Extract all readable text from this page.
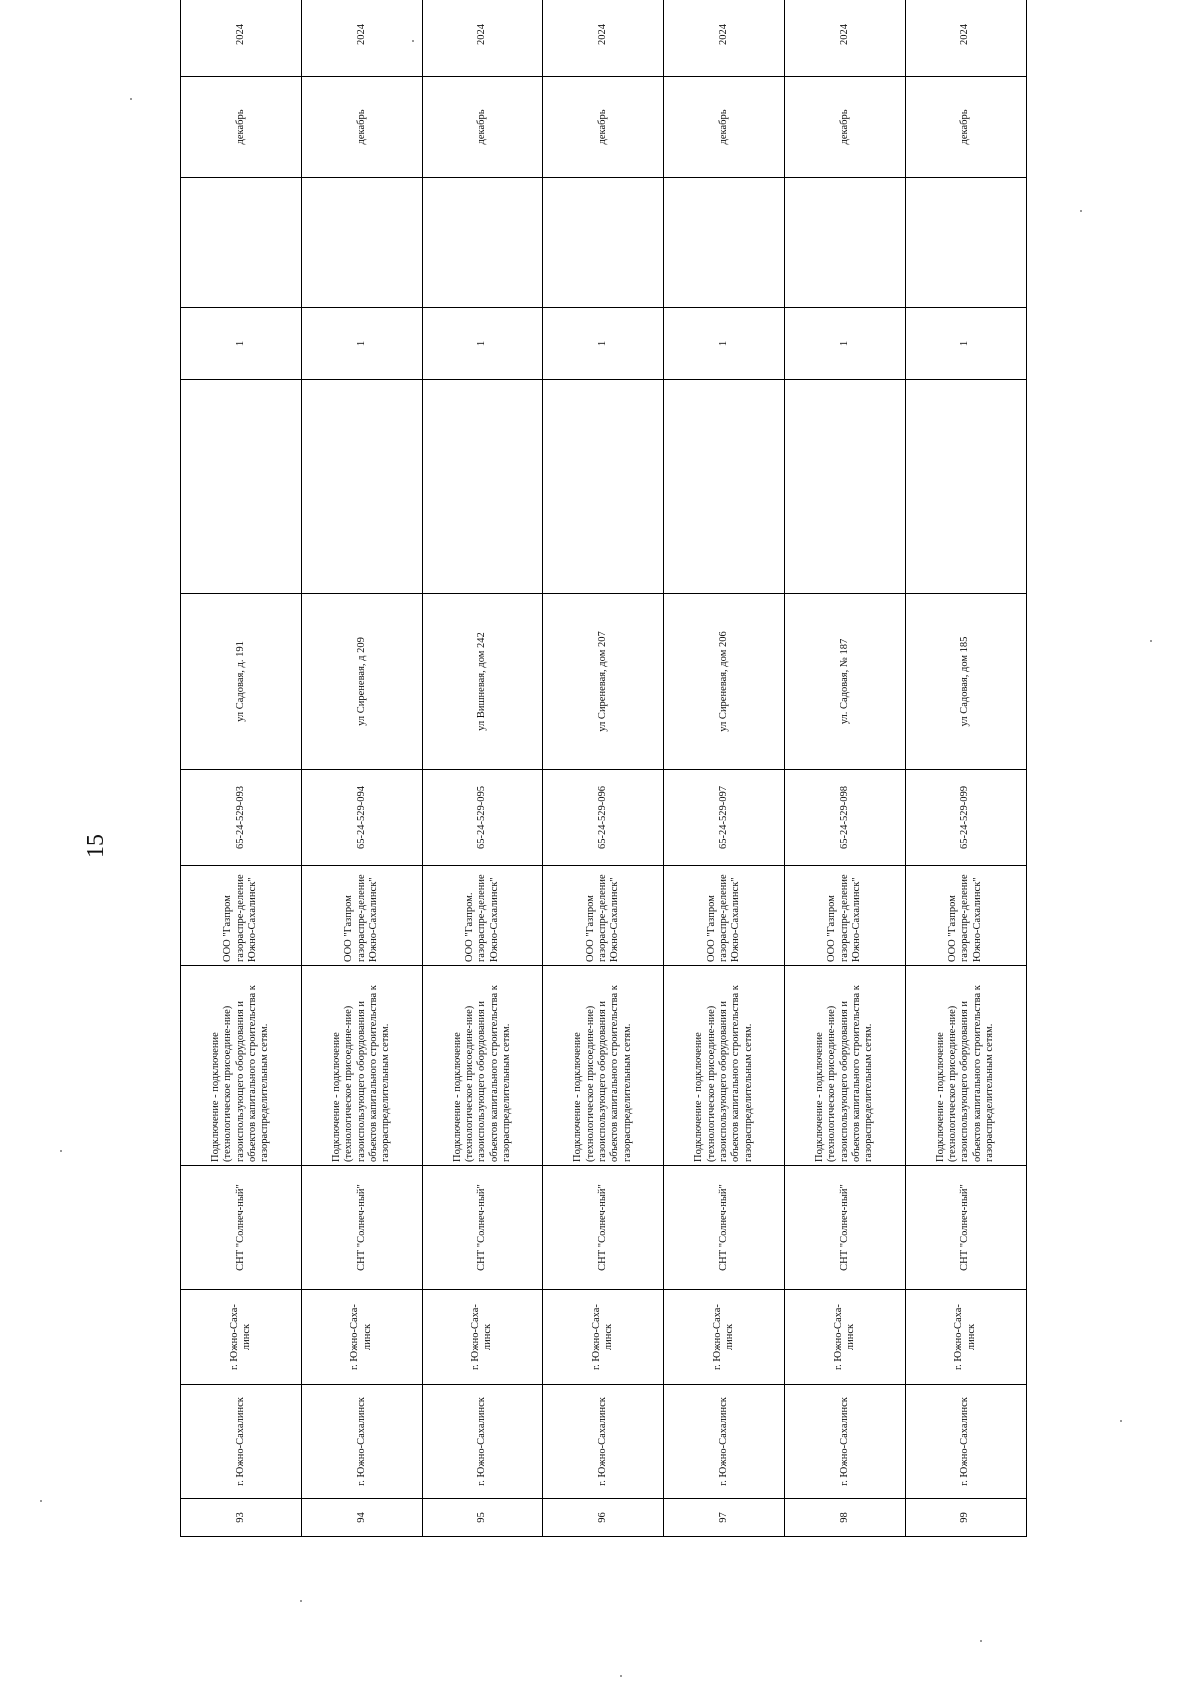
15
93	г. Южно-Сахалинск	г. Южно-Саха-линск	СНТ "Солнеч-ный"	Подключение - подключение (технологическое присоедине-ние) газоиспользующего оборудования и объектов капитального строительства к газораспределительным сетям.	ООО "Газпром газораспре-деление Южно-Сахалинск"	65-24-529-093	ул Садовая, д. 191		1		декабрь	2024
94	г. Южно-Сахалинск	г. Южно-Саха-линск	СНТ "Солнеч-ный"	Подключение - подключение (технологическое присоедине-ние) газоиспользующего оборудования и объектов капитального строительства к газораспределительным сетям.	ООО "Газпром газораспре-деление Южно-Сахалинск"	65-24-529-094	ул Сиреневая, д 209		1		декабрь	2024
95	г. Южно-Сахалинск	г. Южно-Саха-линск	СНТ "Солнеч-ный"	Подключение - подключение (технологическое присоедине-ние) газоиспользующего оборудования и объектов капитального строительства к газораспределительным сетям.	ООО "Газпром. газораспре-деление Южно-Сахалинск"	65-24-529-095	ул Вишневая, дом 242		1		декабрь	2024
96	г. Южно-Сахалинск	г. Южно-Саха-линск	СНТ "Солнеч-ный"	Подключение - подключение (технологическое присоедине-ние) газоиспользующего оборудования и объектов капитального строительства к газораспределительным сетям.	ООО "Газпром газораспре-деление Южно-Сахалинск"	65-24-529-096	ул Сиреневая, дом 207		1		декабрь	2024
97	г. Южно-Сахалинск	г. Южно-Саха-линск	СНТ "Солнеч-ный"	Подключение - подключение (технологическое присоедине-ние) газоиспользующего оборудования и объектов капитального строительства к газораспределительным сетям.	ООО "Газпром газораспре-деление Южно-Сахалинск"	65-24-529-097	ул Сиреневая, дом 206		1		декабрь	2024
98	г. Южно-Сахалинск	г. Южно-Саха-линск	СНТ "Солнеч-ный"	Подключение - подключение (технологическое присоедине-ние) газоиспользующего оборудования и объектов капитального строительства к газораспределительным сетям.	ООО "Газпром газораспре-деление Южно-Сахалинск"	65-24-529-098	ул. Садовая, № 187		1		декабрь	2024
99	г. Южно-Сахалинск	г. Южно-Саха-линск	СНТ "Солнеч-ный"	Подключение - подключение (технологическое присоедине-ние) газоиспользующего оборудования и объектов капитального строительства к газораспределительным сетям.	ООО "Газпром газораспре-деление Южно-Сахалинск"	65-24-529-099	ул Садовая, дом 185		1		декабрь	2024
